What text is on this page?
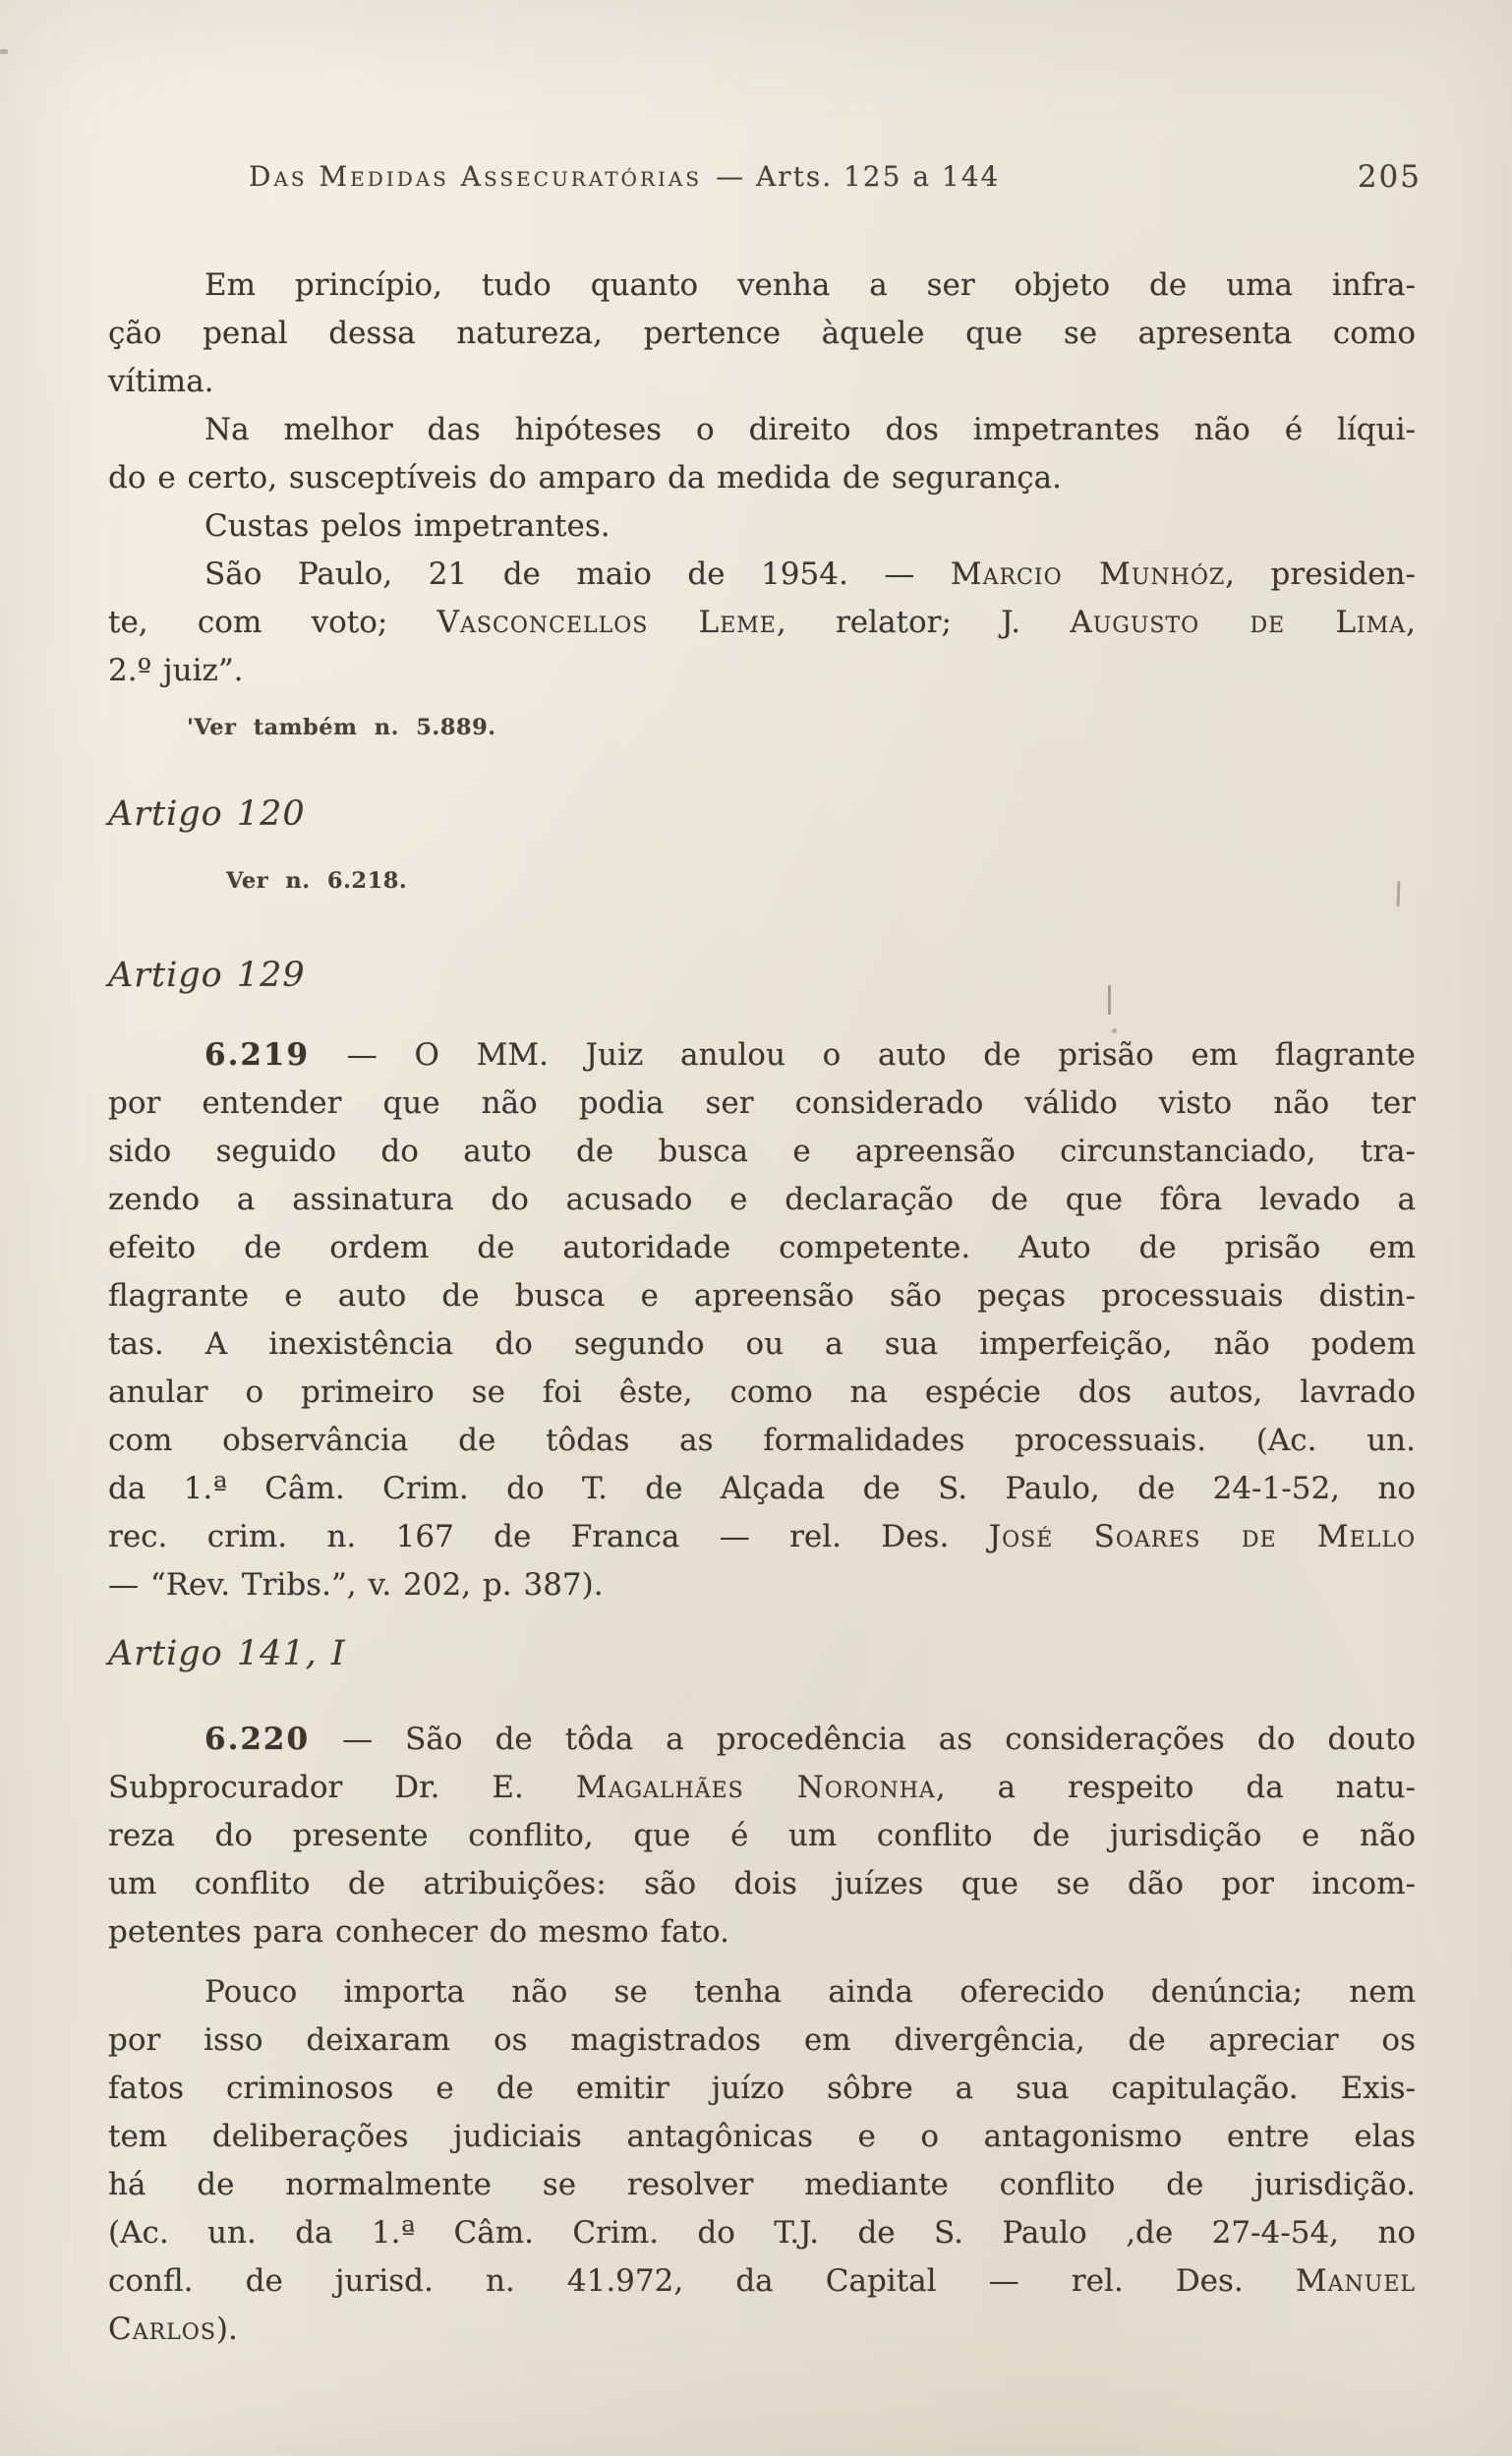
Das Medidas Assecuratórias — Arts. 125 a 144	205
Em princípio, tudo quanto venha a ser objeto de uma infra-
ção penal dessa natureza, pertence àquele que se apresenta como
vítima.
Na melhor das hipóteses o direito dos impetrantes não é líqui-
do e certo, susceptíveis do amparo da medida de segurança.
Custas pelos impetrantes.
São Paulo, 21 de maio de 1954. — Marcio Munhóz, presiden-
te, com voto; Vasconcellos Leme, relator; J. Augusto de Lima,
2.º juiz”.
'Ver também n. 5.889.
Artigo 120
Ver n. 6.218.
Artigo 129
6.219 — O MM. Juiz anulou o auto de prisão em flagrante
por entender que não podia ser considerado válido visto não ter
sido seguido do auto de busca e apreensão circunstanciado, tra-
zendo a assinatura do acusado e declaração de que fôra levado a
efeito de ordem de autoridade competente. Auto de prisão em
flagrante e auto de busca e apreensão são peças processuais distin-
tas. A inexistência do segundo ou a sua imperfeição, não podem
anular o primeiro se foi êste, como na espécie dos autos, lavrado
com observância de tôdas as formalidades processuais. (Ac. un.
da 1.ª Câm. Crim. do T. de Alçada de S. Paulo, de 24-1-52, no
rec. crim. n. 167 de Franca — rel. Des. José Soares de Mello
— “Rev. Tribs.”, v. 202, p. 387).
Artigo 141, I
6.220 — São de tôda a procedência as considerações do douto
Subprocurador Dr. E. Magalhães Noronha, a respeito da natu-
reza do presente conflito, que é um conflito de jurisdição e não
um conflito de atribuições: são dois juízes que se dão por incom-
petentes para conhecer do mesmo fato.
Pouco importa não se tenha ainda oferecido denúncia; nem
por isso deixaram os magistrados em divergência, de apreciar os
fatos criminosos e de emitir juízo sôbre a sua capitulação. Exis-
tem deliberações judiciais antagônicas e o antagonismo entre elas
há de normalmente se resolver mediante conflito de jurisdição.
(Ac. un. da 1.ª Câm. Crim. do T.J. de S. Paulo ,de 27-4-54, no
confl. de jurisd. n. 41.972, da Capital — rel. Des. Manuel
Carlos).
